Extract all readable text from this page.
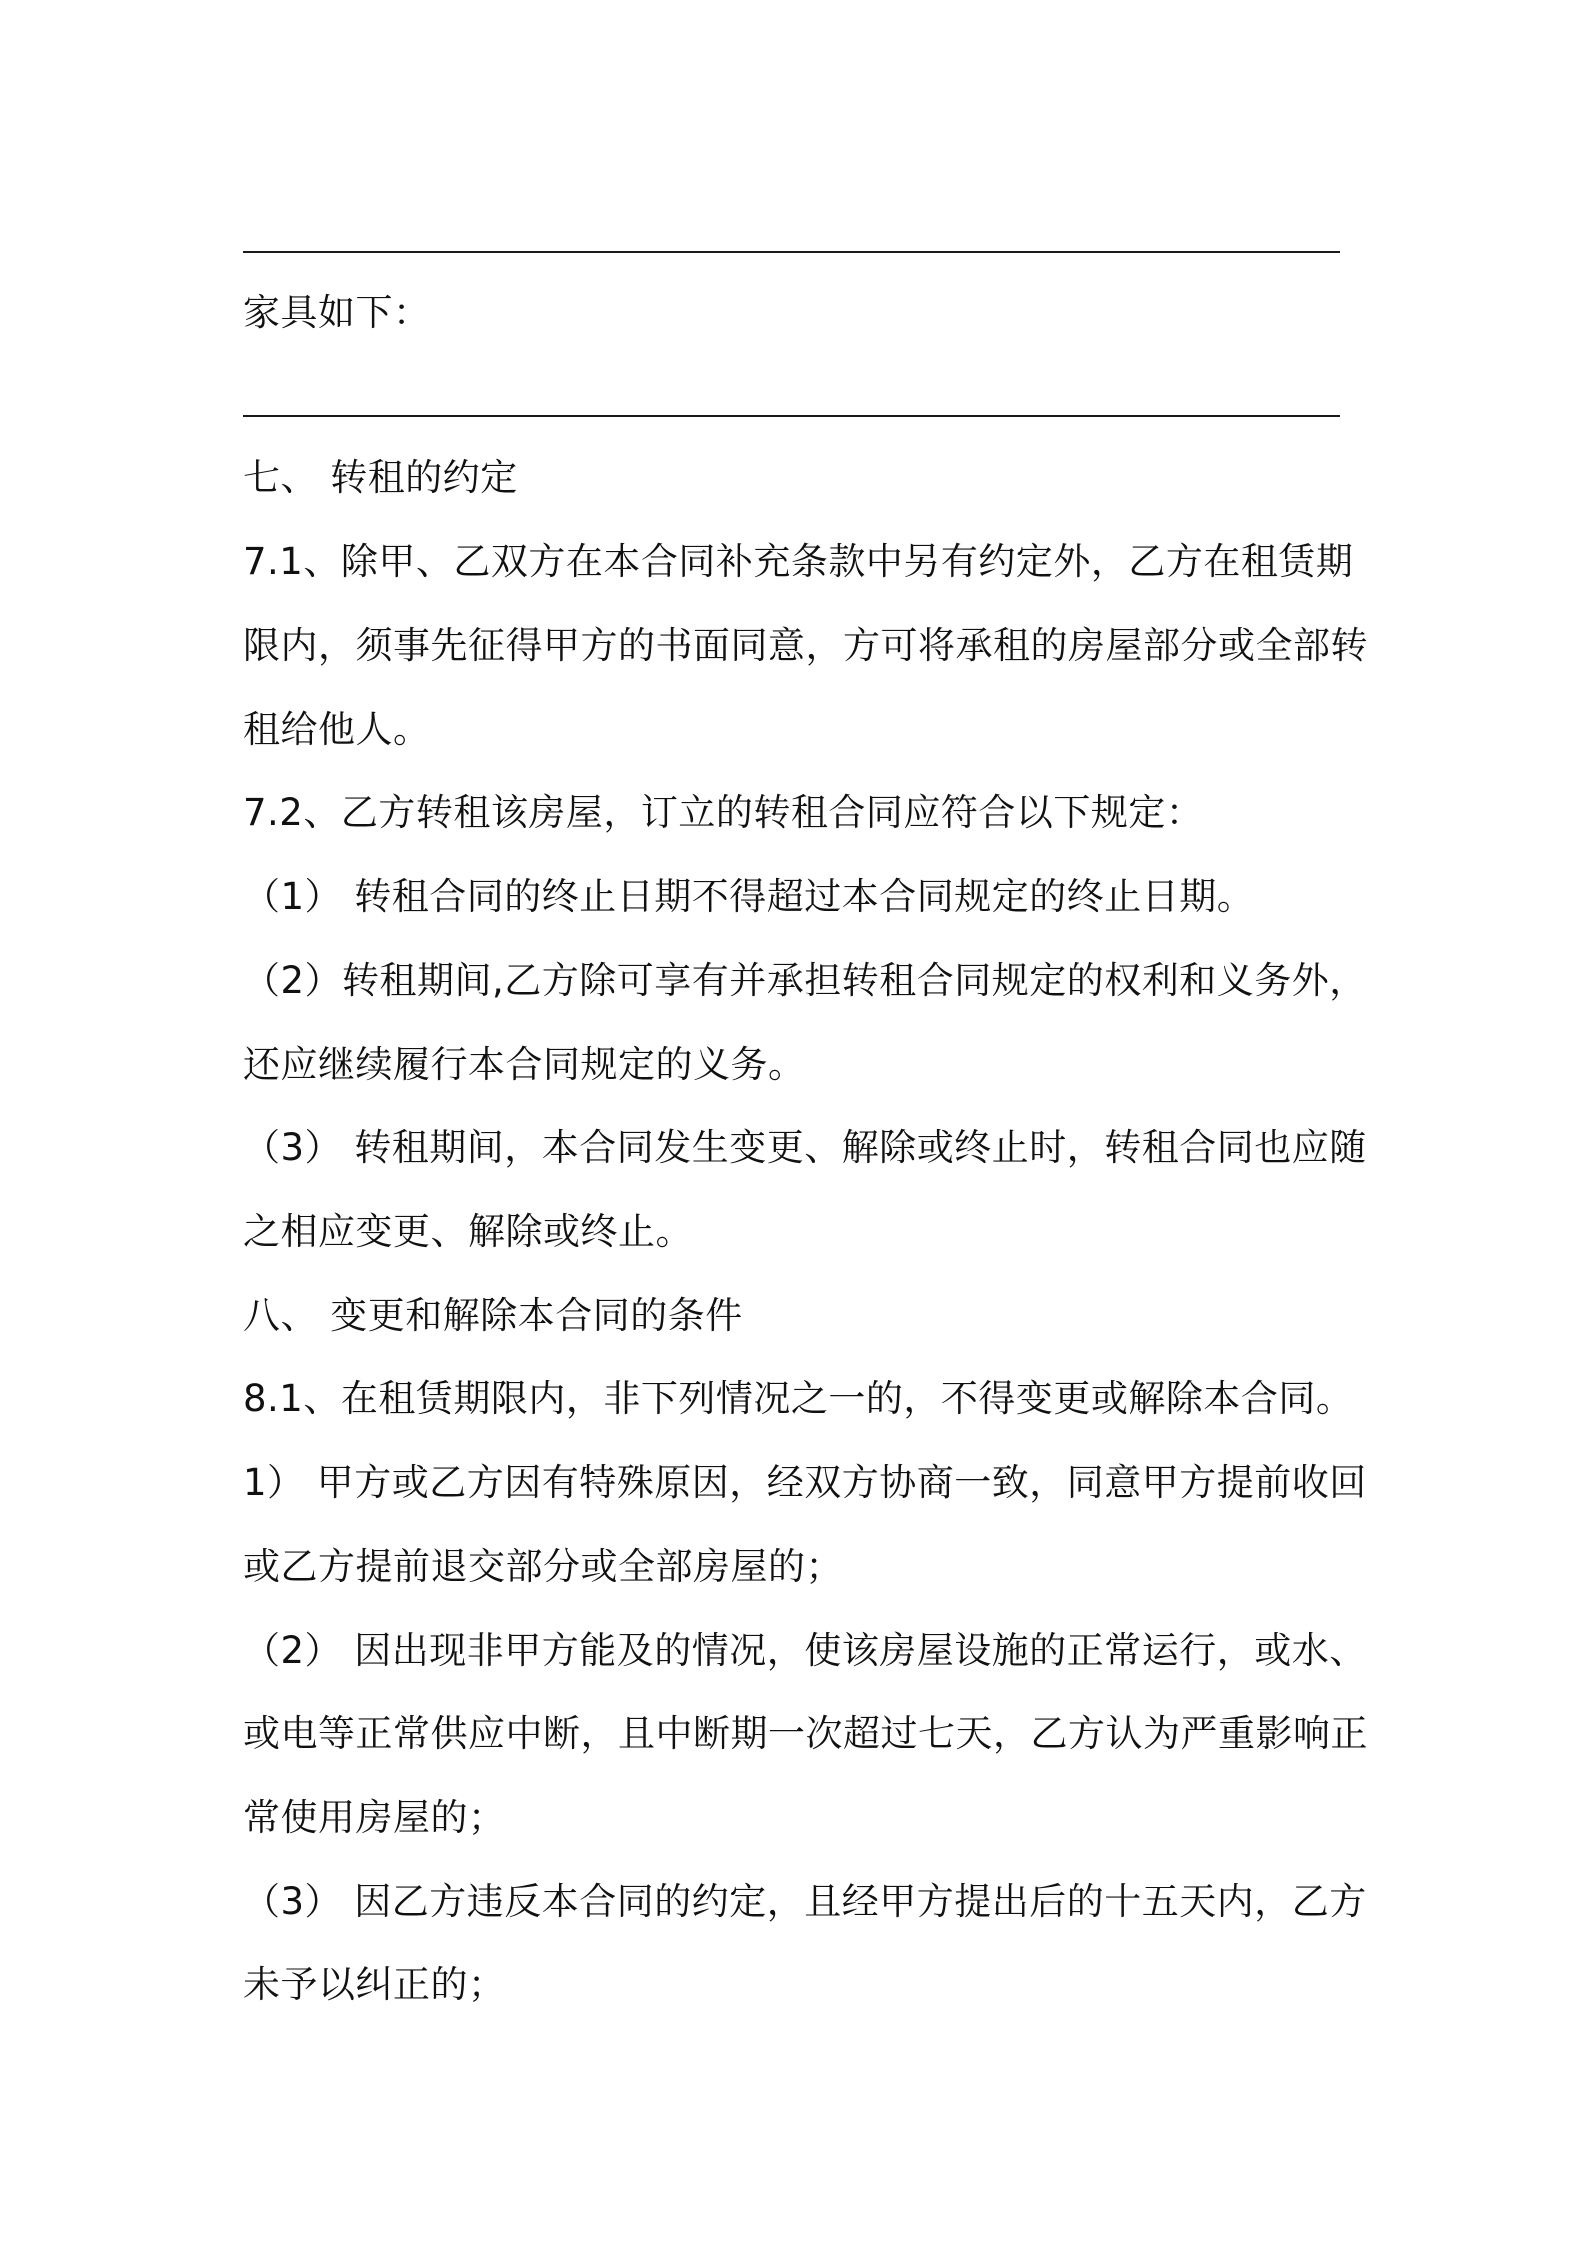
家具如下：
七、 转租的约定
7.1、除甲、乙双方在本合同补充条款中另有约定外，乙方在租赁期
限内，须事先征得甲方的书面同意，方可将承租的房屋部分或全部转
租给他人。
7.2、乙方转租该房屋，订立的转租合同应符合以下规定：
（1） 转租合同的终止日期不得超过本合同规定的终止日期。
（2）转租期间,乙方除可享有并承担转租合同规定的权利和义务外，
还应继续履行本合同规定的义务。
（3） 转租期间，本合同发生变更、解除或终止时，转租合同也应随
之相应变更、解除或终止。
八、 变更和解除本合同的条件
8.1、在租赁期限内，非下列情况之一的，不得变更或解除本合同。
1） 甲方或乙方因有特殊原因，经双方协商一致，同意甲方提前收回
或乙方提前退交部分或全部房屋的；
（2） 因出现非甲方能及的情况，使该房屋设施的正常运行，或水、
或电等正常供应中断，且中断期一次超过七天，乙方认为严重影响正
常使用房屋的；
（3） 因乙方违反本合同的约定，且经甲方提出后的十五天内，乙方
未予以纠正的；
